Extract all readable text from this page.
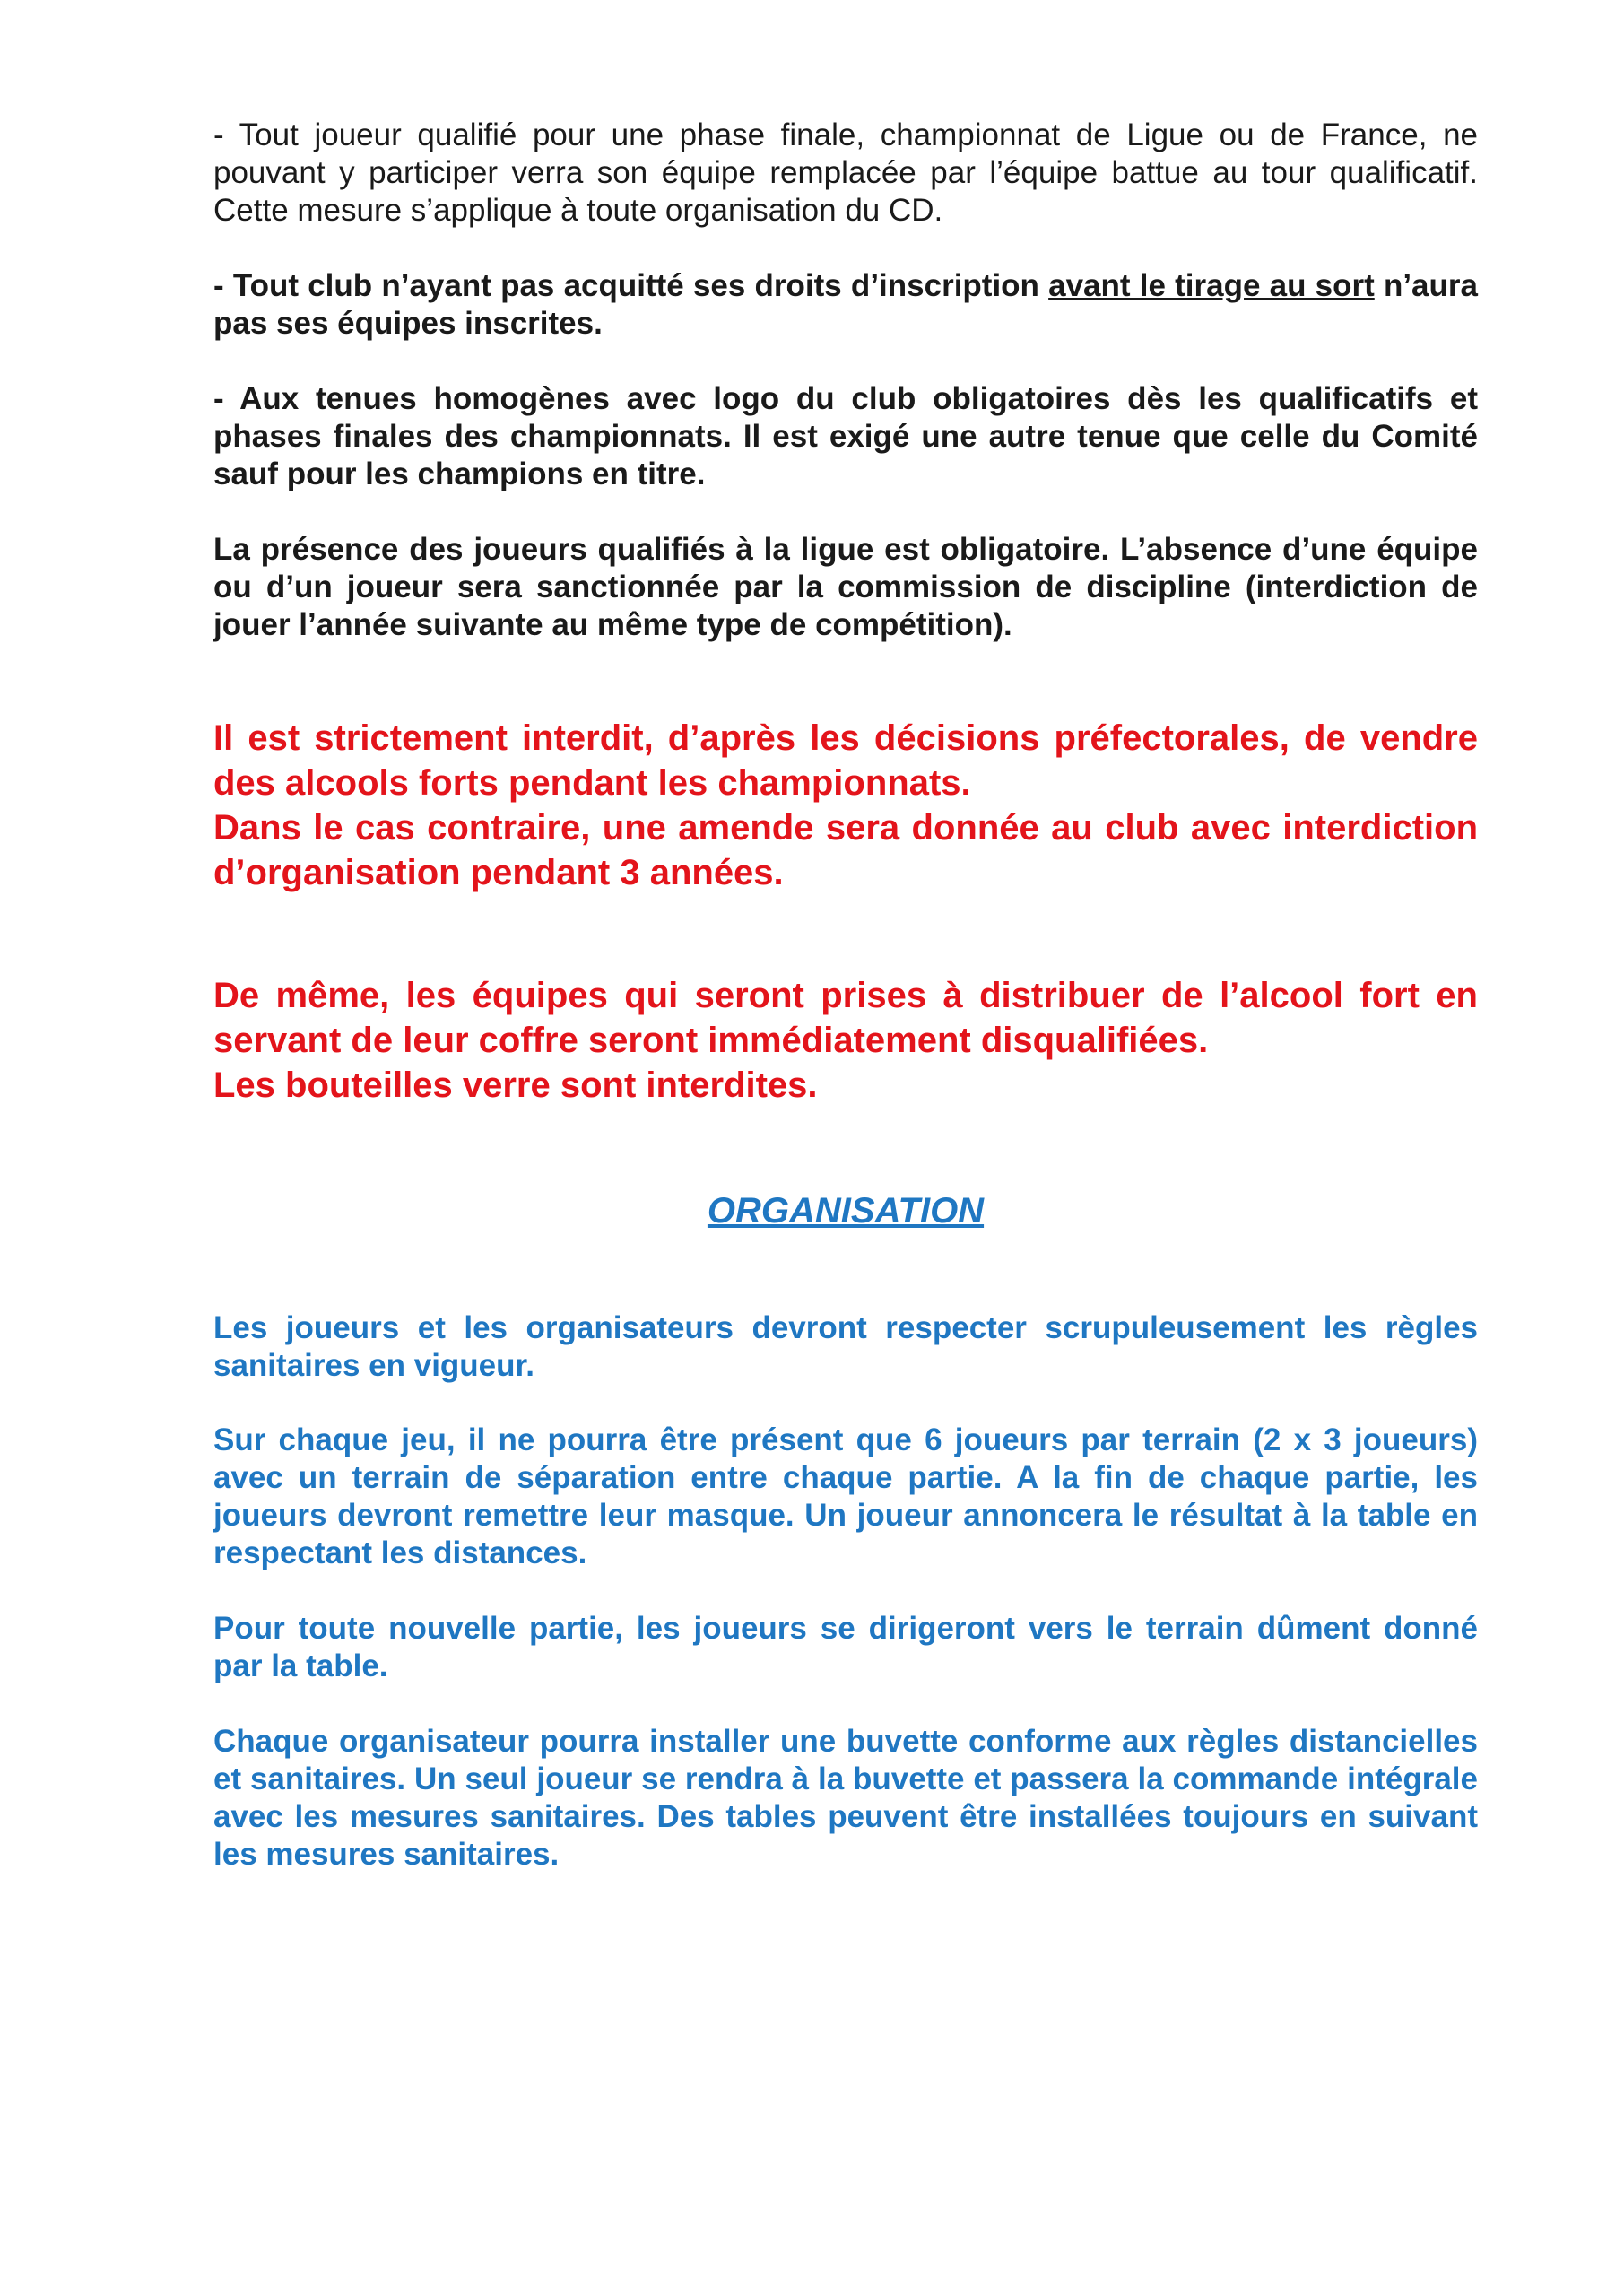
- Tout joueur qualifié pour une phase finale, championnat de Ligue ou de France, ne pouvant y participer verra son équipe remplacée par l’équipe battue au tour qualificatif. Cette mesure s’applique à toute organisation du CD.

- Tout club n’ayant pas acquitté ses droits d’inscription avant le tirage au sort n’aura pas ses équipes inscrites.

- Aux tenues homogènes avec logo du club obligatoires dès les qualificatifs et phases finales des championnats. Il est exigé une autre tenue que celle du Comité sauf pour les champions en titre.

La présence des joueurs qualifiés à la ligue est obligatoire. L’absence d’une équipe ou d’un joueur sera sanctionnée par la commission de discipline (interdiction de jouer l’année suivante au même type de compétition).

Il est strictement interdit, d’après les décisions préfectorales, de vendre des alcools forts pendant les championnats.
Dans le cas contraire, une amende sera donnée au club avec interdiction d’organisation pendant 3 années.

De même, les équipes qui seront prises à distribuer de l’alcool fort en servant de leur coffre seront immédiatement disqualifiées.
Les bouteilles verre sont interdites.

ORGANISATION

Les joueurs et les organisateurs devront respecter scrupuleusement les règles sanitaires en vigueur.

Sur chaque jeu, il ne pourra être présent que 6 joueurs par terrain (2 x 3 joueurs) avec un terrain de séparation entre chaque partie. A la fin de chaque partie, les joueurs devront remettre leur masque. Un joueur annoncera le résultat à la table en respectant les distances.

Pour toute nouvelle partie, les joueurs se dirigeront vers le terrain dûment donné par la table.

Chaque organisateur pourra installer une buvette conforme aux règles distancielles et sanitaires. Un seul joueur se rendra à la buvette et passera la commande intégrale avec les mesures sanitaires. Des tables peuvent être installées toujours en suivant les mesures sanitaires.
